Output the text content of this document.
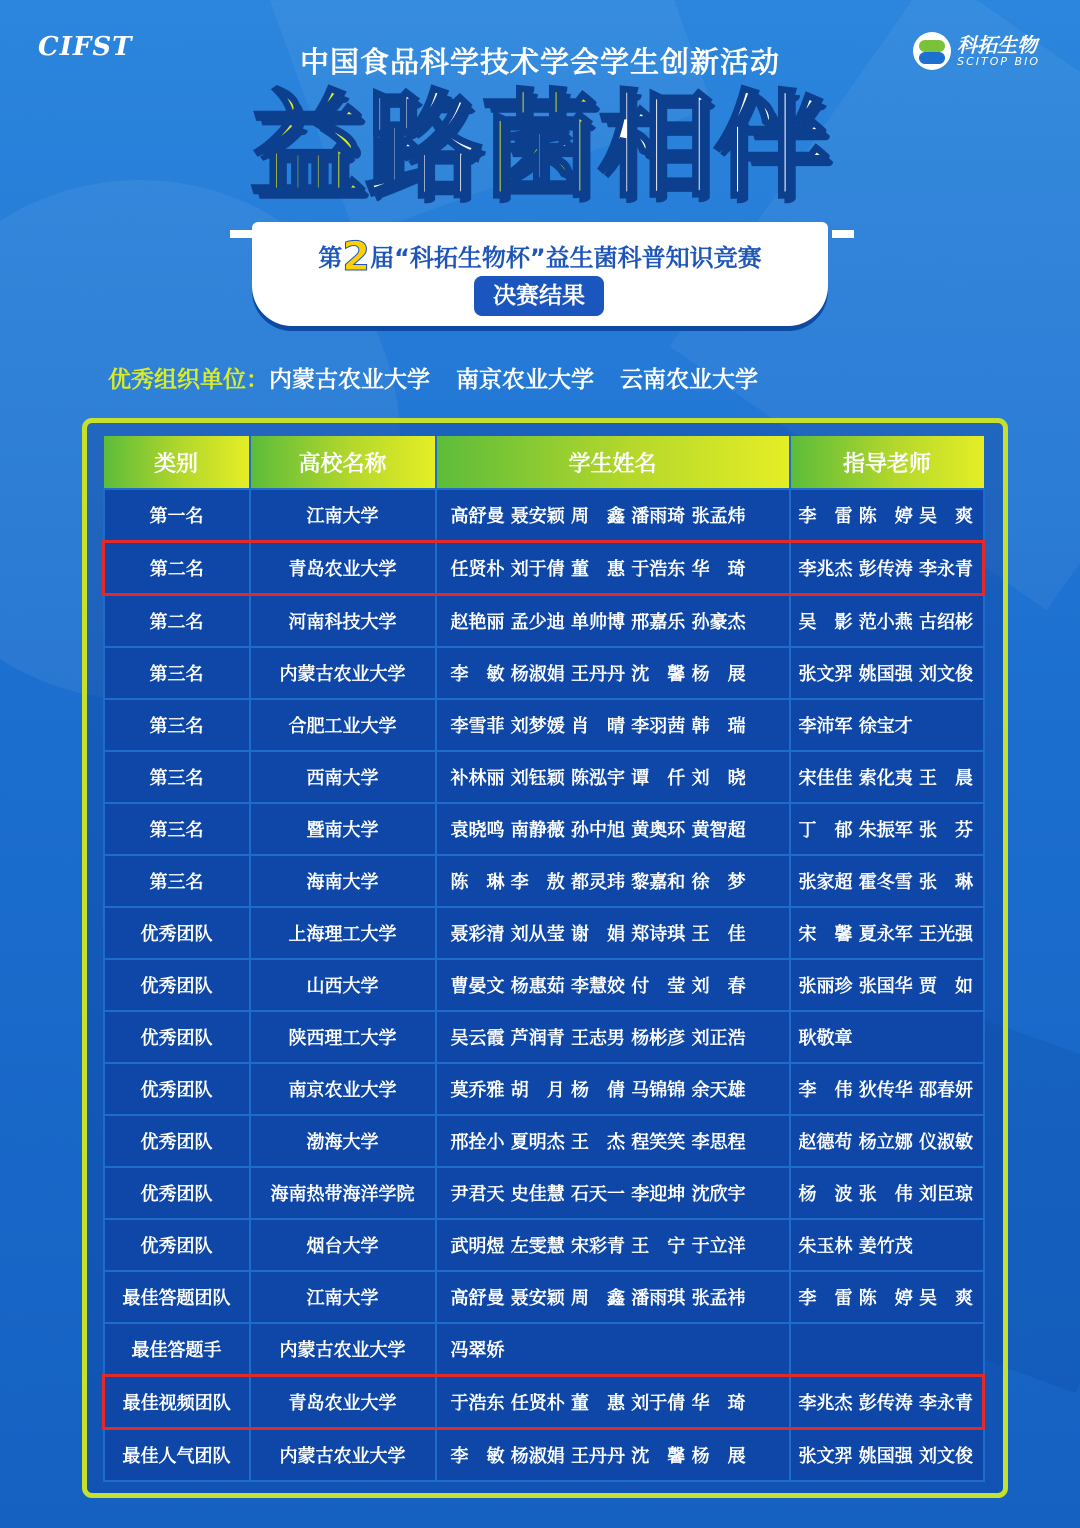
CIFST	科拓生物
SCITOP BIO
中国食品科学技术学会学生创新活动
益 路 菌 相 伴
第2届“科拓生物杯”益生菌科普知识竞赛
决赛结果
优秀组织单位：内蒙古农业大学 南京农业大学 云南农业大学
类别	高校名称	学生姓名	指导老师
第一名	江南大学	高舒曼 聂安颖 周　鑫 潘雨琦 张孟炜	李　雷 陈　婷 吴　爽
第二名	青岛农业大学	任贤朴 刘于倩 董　惠 于浩东 华　琦	李兆杰 彭传涛 李永青
第二名	河南科技大学	赵艳丽 孟少迪 单帅博 邢嘉乐 孙豪杰	吴　影 范小燕 古绍彬
第三名	内蒙古农业大学	李　敏 杨淑娟 王丹丹 沈　馨 杨　展	张文羿 姚国强 刘文俊
第三名	合肥工业大学	李雪菲 刘梦媛 肖　晴 李羽茜 韩　瑞	李沛军 徐宝才
第三名	西南大学	补林丽 刘钰颖 陈泓宇 谭　仟 刘　晓	宋佳佳 索化夷 王　晨
第三名	暨南大学	袁晓鸣 南静薇 孙中旭 黄奥环 黄智超	丁　郁 朱振军 张　芬
第三名	海南大学	陈　琳 李　敖 都灵玮 黎嘉和 徐　梦	张家超 霍冬雪 张　琳
优秀团队	上海理工大学	聂彩清 刘从莹 谢　娟 郑诗琪 王　佳	宋　馨 夏永军 王光强
优秀团队	山西大学	曹晏文 杨惠茹 李慧姣 付　莹 刘　春	张丽珍 张国华 贾　如
优秀团队	陕西理工大学	吴云霞 芦润青 王志男 杨彬彦 刘正浩	耿敬章
优秀团队	南京农业大学	莫乔雅 胡　月 杨　倩 马锦锦 余天雄	李　伟 狄传华 邵春妍
优秀团队	渤海大学	邢拴小 夏明杰 王　杰 程笑笑 李思程	赵德苟 杨立娜 仪淑敏
优秀团队	海南热带海洋学院	尹君天 史佳慧 石天一 李迎坤 沈欣宇	杨　波 张　伟 刘臣琼
优秀团队	烟台大学	武明煜 左雯慧 宋彩青 王　宁 于立洋	朱玉林 姜竹茂
最佳答题团队	江南大学	高舒曼 聂安颖 周　鑫 潘雨琪 张孟祎	李　雷 陈　婷 吴　爽
最佳答题手	内蒙古农业大学	冯翠娇	
最佳视频团队	青岛农业大学	于浩东 任贤朴 董　惠 刘于倩 华　琦	李兆杰 彭传涛 李永青
最佳人气团队	内蒙古农业大学	李　敏 杨淑娟 王丹丹 沈　馨 杨　展	张文羿 姚国强 刘文俊
